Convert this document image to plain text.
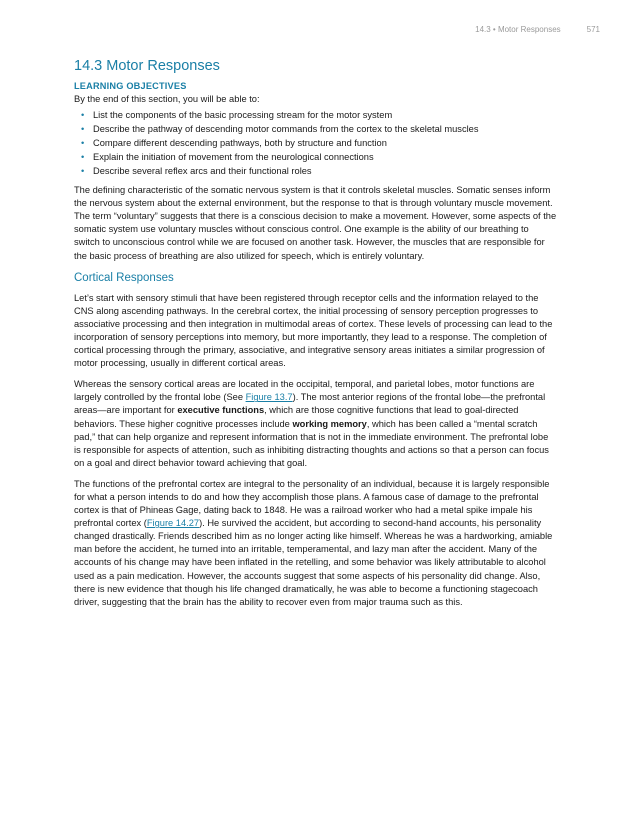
14.3 • Motor Responses	571
14.3 Motor Responses
LEARNING OBJECTIVES
By the end of this section, you will be able to:
• List the components of the basic processing stream for the motor system
• Describe the pathway of descending motor commands from the cortex to the skeletal muscles
• Compare different descending pathways, both by structure and function
• Explain the initiation of movement from the neurological connections
• Describe several reflex arcs and their functional roles

The defining characteristic of the somatic nervous system is that it controls skeletal muscles. Somatic senses inform the nervous system about the external environment, but the response to that is through voluntary muscle movement. The term “voluntary” suggests that there is a conscious decision to make a movement. However, some aspects of the somatic system use voluntary muscles without conscious control. One example is the ability of our breathing to switch to unconscious control while we are focused on another task. However, the muscles that are responsible for the basic process of breathing are also utilized for speech, which is entirely voluntary.

Cortical Responses

Let’s start with sensory stimuli that have been registered through receptor cells and the information relayed to the CNS along ascending pathways. In the cerebral cortex, the initial processing of sensory perception progresses to associative processing and then integration in multimodal areas of cortex. These levels of processing can lead to the incorporation of sensory perceptions into memory, but more importantly, they lead to a response. The completion of cortical processing through the primary, associative, and integrative sensory areas initiates a similar progression of motor processing, usually in different cortical areas.

Whereas the sensory cortical areas are located in the occipital, temporal, and parietal lobes, motor functions are largely controlled by the frontal lobe (See Figure 13.7). The most anterior regions of the frontal lobe—the prefrontal areas—are important for executive functions, which are those cognitive functions that lead to goal-directed behaviors. These higher cognitive processes include working memory, which has been called a “mental scratch pad,” that can help organize and represent information that is not in the immediate environment. The prefrontal lobe is responsible for aspects of attention, such as inhibiting distracting thoughts and actions so that a person can focus on a goal and direct behavior toward achieving that goal.

The functions of the prefrontal cortex are integral to the personality of an individual, because it is largely responsible for what a person intends to do and how they accomplish those plans. A famous case of damage to the prefrontal cortex is that of Phineas Gage, dating back to 1848. He was a railroad worker who had a metal spike impale his prefrontal cortex (Figure 14.27). He survived the accident, but according to second-hand accounts, his personality changed drastically. Friends described him as no longer acting like himself. Whereas he was a hardworking, amiable man before the accident, he turned into an irritable, temperamental, and lazy man after the accident. Many of the accounts of his change may have been inflated in the retelling, and some behavior was likely attributable to alcohol used as a pain medication. However, the accounts suggest that some aspects of his personality did change. Also, there is new evidence that though his life changed dramatically, he was able to become a functioning stagecoach driver, suggesting that the brain has the ability to recover even from major trauma such as this.
